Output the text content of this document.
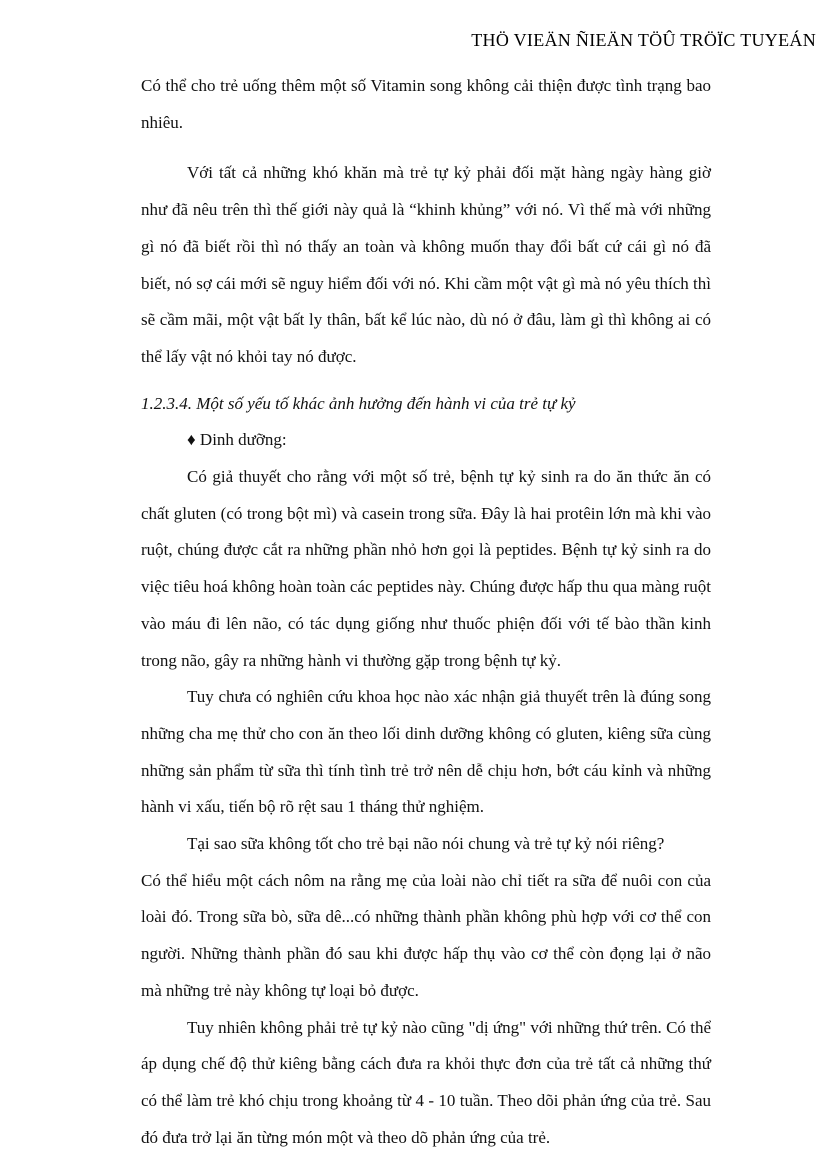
THÖ VIEÄN ÑIEÄN TÖÛ TRÖÏC TUYEÁN

Có thể cho trẻ uống thêm một số Vitamin song không cải thiện được tình trạng bao nhiêu.

Với tất cả những khó khăn mà trẻ tự kỷ phải đối mặt hàng ngày hàng giờ như đã nêu trên thì thế giới này quả là “khinh khủng” với nó. Vì thế mà với những gì nó đã biết rồi thì nó thấy an toàn và không muốn thay đổi bất cứ cái gì nó đã biết, nó sợ cái mới sẽ nguy hiểm đối với nó. Khi cầm một vật gì mà nó yêu thích thì sẽ cầm mãi, một vật bất ly thân, bất kể lúc nào, dù nó ở đâu, làm gì thì không ai có thể lấy vật nó khỏi tay nó được.

1.2.3.4. Một số yếu tố khác ảnh hưởng đến hành vi của trẻ tự kỷ

♦ Dinh dưỡng:

Có giả thuyết cho rằng với một số trẻ, bệnh tự kỷ sinh ra do ăn thức ăn có chất gluten (có trong bột mì) và casein trong sữa. Đây là hai protêin lớn mà khi vào ruột, chúng được cắt ra những phần nhỏ hơn gọi là peptides. Bệnh tự kỷ sinh ra do việc tiêu hoá không hoàn toàn các peptides này. Chúng được hấp thu qua màng ruột vào máu đi lên não, có tác dụng giống như thuốc phiện đối với tế bào thần kinh trong não, gây ra những hành vi thường gặp trong bệnh tự kỷ.

Tuy chưa có nghiên cứu khoa học nào xác nhận giả thuyết trên là đúng song những cha mẹ thử cho con ăn theo lối dinh dưỡng không có gluten, kiêng sữa cùng những sản phẩm từ sữa thì tính tình trẻ trở nên dễ chịu hơn, bớt cáu kỉnh và những hành vi xấu, tiến bộ rõ rệt sau 1 tháng thử nghiệm.

Tại sao sữa không tốt cho trẻ bại não nói chung và trẻ tự kỷ nói riêng?

Có thể hiểu một cách nôm na rằng mẹ của loài nào chỉ tiết ra sữa để nuôi con của loài đó. Trong sữa bò, sữa dê...có những thành phần không phù hợp với cơ thể con người. Những thành phần đó sau khi được hấp thụ vào cơ thể còn đọng lại ở não mà những trẻ này không tự loại bỏ được.

Tuy nhiên không phải trẻ tự kỷ nào cũng "dị ứng" với những thứ trên. Có thể áp dụng chế độ thử kiêng bằng cách đưa ra khỏi thực đơn của trẻ tất cả những thứ có thể làm trẻ khó chịu trong khoảng từ 4 - 10 tuần. Theo dõi phản ứng của trẻ. Sau đó đưa trở lại ăn từng món một và theo dõ phản ứng của trẻ.
